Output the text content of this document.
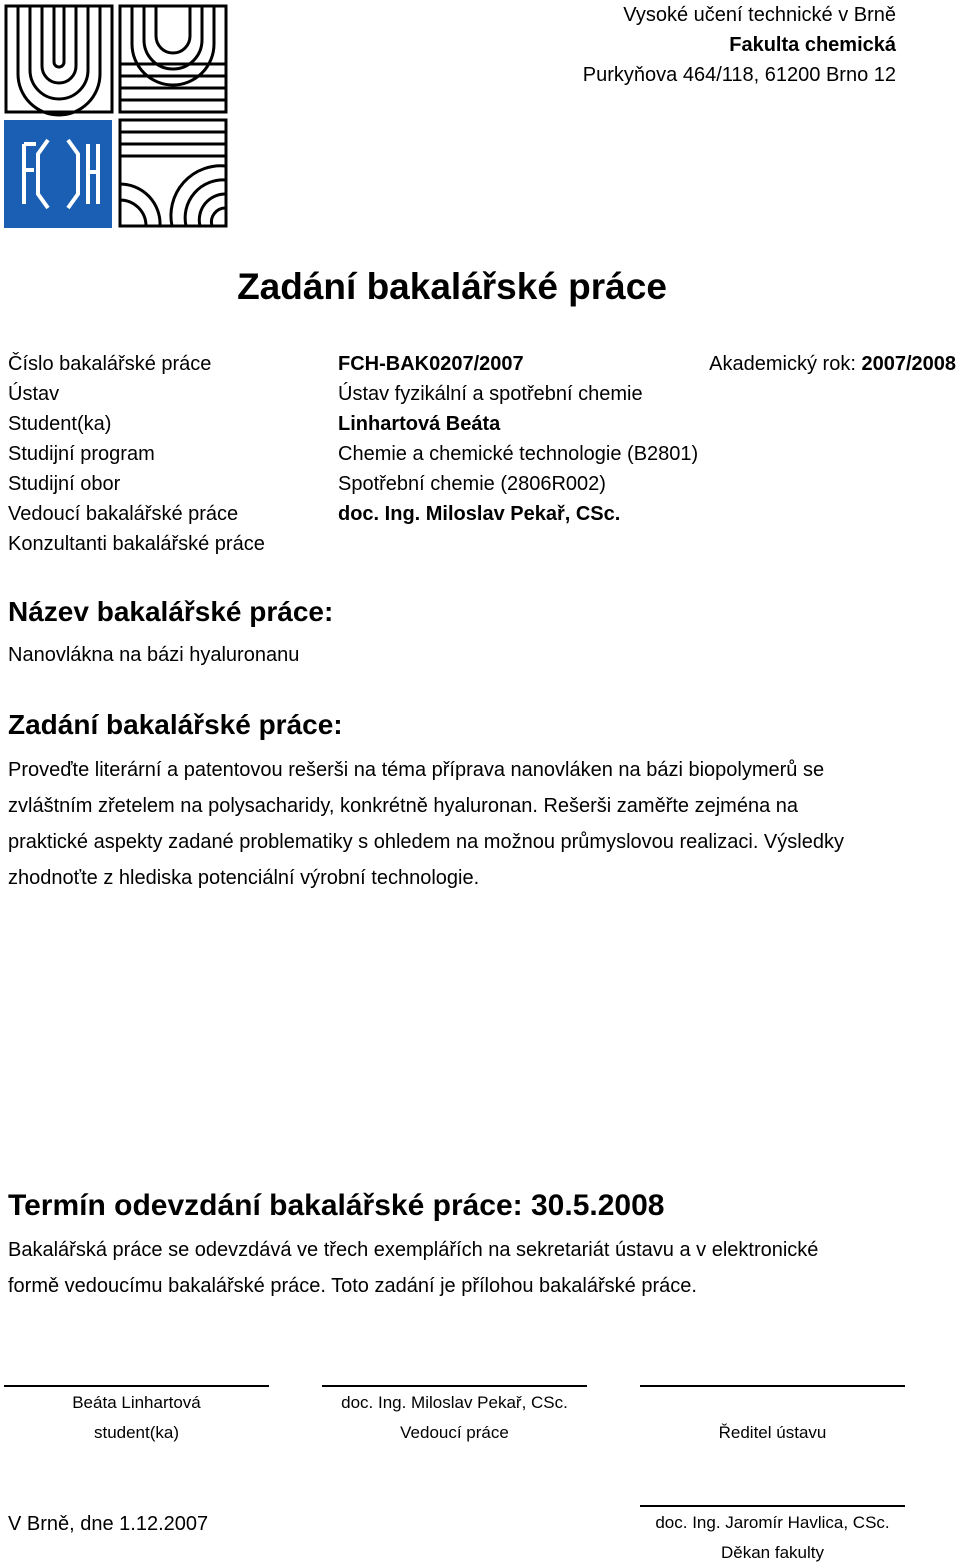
Vysoké učení technické v Brně
Fakulta chemická
Purkyňova 464/118, 61200 Brno 12
Zadání bakalářské práce
Číslo bakalářské práce	FCH-BAK0207/2007	Akademický rok: 2007/2008
Ústav	Ústav fyzikální a spotřební chemie
Student(ka)	Linhartová Beáta
Studijní program	Chemie a chemické technologie (B2801)
Studijní obor	Spotřební chemie (2806R002)
Vedoucí bakalářské práce	doc. Ing. Miloslav Pekař, CSc.
Konzultanti bakalářské práce
Název bakalářské práce:
Nanovlákna na bázi hyaluronanu
Zadání bakalářské práce:
Proveďte literární a patentovou rešerši na téma příprava nanovláken na bázi biopolymerů se
zvláštním zřetelem na polysacharidy, konkrétně hyaluronan. Rešerši zaměřte zejména na
praktické aspekty zadané problematiky s ohledem na možnou průmyslovou realizaci. Výsledky
zhodnoťte z hlediska potenciální výrobní technologie.
Termín odevzdání bakalářské práce: 30.5.2008
Bakalářská práce se odevzdává ve třech exemplářích na sekretariát ústavu a v elektronické
formě vedoucímu bakalářské práce. Toto zadání je přílohou bakalářské práce.
Beáta Linhartová
student(ka)
doc. Ing. Miloslav Pekař, CSc.
Vedoucí práce	Ředitel ústavu
V Brně, dne 1.12.2007	doc. Ing. Jaromír Havlica, CSc.
Děkan fakulty
